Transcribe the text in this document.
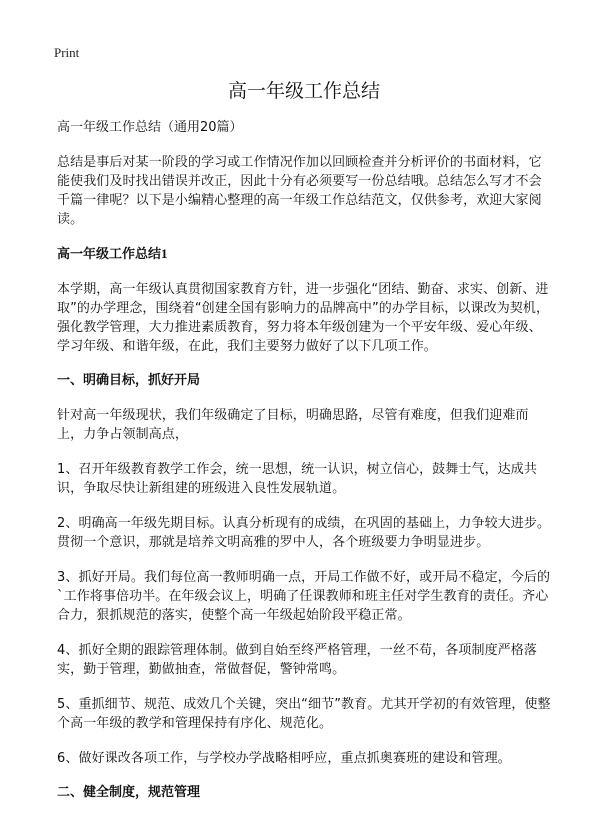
Print
高一年级工作总结
高一年级工作总结（通用20篇）

总结是事后对某一阶段的学习或工作情况作加以回顾检查并分析评价的书面材料，它能使我们及时找出错误并改正，因此十分有必须要写一份总结哦。总结怎么写才不会千篇一律呢？以下是小编精心整理的高一年级工作总结范文，仅供参考，欢迎大家阅读。

高一年级工作总结1

本学期，高一年级认真贯彻国家教育方针，进一步强化“团结、勤奋、求实、创新、进取”的办学理念，围绕着“创建全国有影响力的品牌高中”的办学目标，以课改为契机，强化教学管理，大力推进素质教育，努力将本年级创建为一个平安年级、爱心年级、学习年级、和谐年级，在此，我们主要努力做好了以下几项工作。

一、明确目标，抓好开局

针对高一年级现状，我们年级确定了目标，明确思路，尽管有难度，但我们迎难而上，力争占领制高点，

1、召开年级教育教学工作会，统一思想，统一认识，树立信心，鼓舞士气，达成共识，争取尽快让新组建的班级进入良性发展轨道。

2、明确高一年级先期目标。认真分析现有的成绩，在巩固的基础上，力争较大进步。贯彻一个意识，那就是培养文明高雅的罗中人，各个班级要力争明显进步。

3、抓好开局。我们每位高一教师明确一点，开局工作做不好，或开局不稳定，今后的`工作将事倍功半。在年级会议上，明确了任课教师和班主任对学生教育的责任。齐心合力，狠抓规范的落实，使整个高一年级起始阶段平稳正常。

4、抓好全期的跟踪管理体制。做到自始至终严格管理，一丝不苟，各项制度严格落实，勤于管理，勤做抽查，常做督促，警钟常鸣。

5、重抓细节、规范、成效几个关键，突出“细节”教育。尤其开学初的有效管理，使整个高一年级的教学和管理保持有序化、规范化。

6、做好课改各项工作，与学校办学战略相呼应，重点抓奥赛班的建设和管理。

二、健全制度，规范管理
